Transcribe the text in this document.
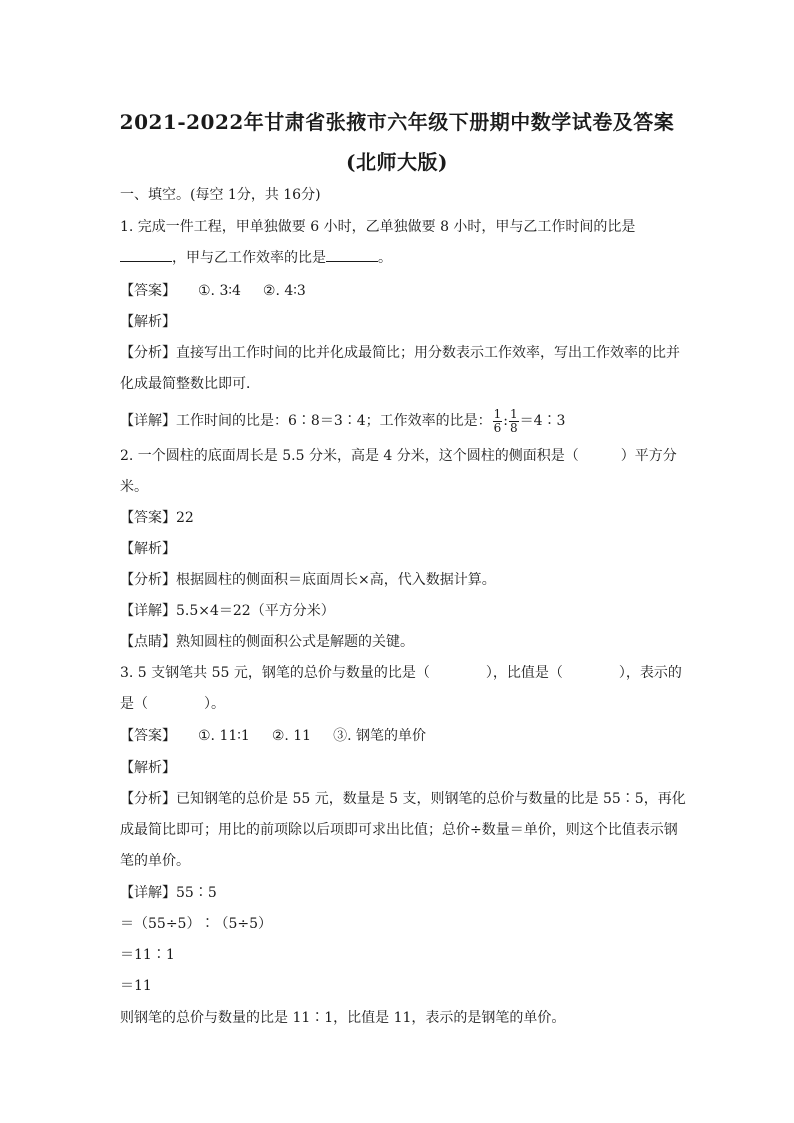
2021-2022年甘肃省张掖市六年级下册期中数学试卷及答案
(北师大版)
一、填空。(每空 1分，共 16分)
1. 完成一件工程，甲单独做要 6 小时，乙单独做要 8 小时，甲与乙工作时间的比是
，甲与乙工作效率的比是	。
【答案】 ①. 3∶4 ②. 4∶3
【解析】
【分析】直接写出工作时间的比并化成最简比；用分数表示工作效率，写出工作效率的比并
化成最简整数比即可．
【详解】工作时间的比是：6∶8＝3∶4；工作效率的比是： $\frac{1}{6}$ : $\frac{1}{8}$ ＝4∶3
2. 一个圆柱的底面周长是 5.5 分米，高是 4 分米，这个圆柱的侧面积是（　　　）平方分
米。
【答案】22
【解析】
【分析】根据圆柱的侧面积＝底面周长×高，代入数据计算。
【详解】5.5×4＝22（平方分米）
【点睛】熟知圆柱的侧面积公式是解题的关键。
3. 5 支钢笔共 55 元，钢笔的总价与数量的比是（　　　　），比值是（　　　　），表示的
是（　　　　）。
【答案】 ①. 11∶1 ②. 11 ③. 钢笔的单价
【解析】
【分析】已知钢笔的总价是 55 元，数量是 5 支，则钢笔的总价与数量的比是 55∶5，再化
成最简比即可；用比的前项除以后项即可求出比值；总价÷数量＝单价，则这个比值表示钢
笔的单价。
【详解】55∶5
＝（55÷5）∶（5÷5）
＝11∶1
＝11
则钢笔的总价与数量的比是 11∶1，比值是 11，表示的是钢笔的单价。
